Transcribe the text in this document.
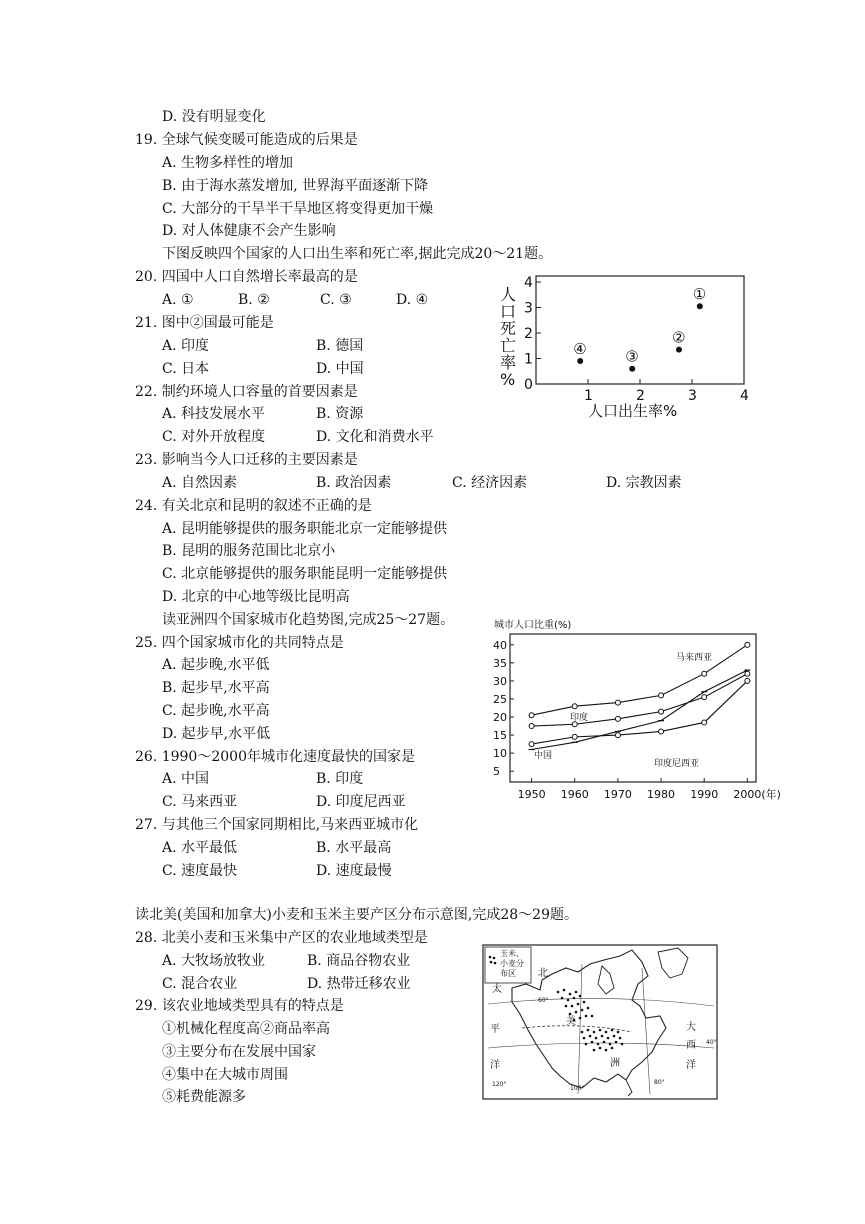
D. 没有明显变化
19. 全球气候变暖可能造成的后果是
A. 生物多样性的增加
B. 由于海水蒸发增加, 世界海平面逐渐下降
C. 大部分的干旱半干旱地区将变得更加干燥
D. 对人体健康不会产生影响
下图反映四个国家的人口出生率和死亡率,据此完成20～21题。
20. 四国中人口自然增长率最高的是
A. ①	B. ②	C. ③	D. ④
21. 图中②国最可能是
A. 印度	B. 德国
C. 日本	D. 中国
22. 制约环境人口容量的首要因素是
A. 科技发展水平	B. 资源
C. 对外开放程度	D. 文化和消费水平
23. 影响当今人口迁移的主要因素是
A. 自然因素	B. 政治因素	C. 经济因素	D. 宗教因素
24. 有关北京和昆明的叙述不正确的是
A. 昆明能够提供的服务职能北京一定能够提供
B. 昆明的服务范围比北京小
C. 北京能够提供的服务职能昆明一定能够提供
D. 北京的中心地等级比昆明高
读亚洲四个国家城市化趋势图,完成25～27题。
25. 四个国家城市化的共同特点是
A. 起步晚,水平低
B. 起步早,水平高
C. 起步晚,水平高
D. 起步早,水平低
26. 1990～2000年城市化速度最快的国家是
A. 中国	B. 印度
C. 马来西亚	D. 印度尼西亚
27. 与其他三个国家同期相比,马来西亚城市化
A. 水平最低	B. 水平最高
C. 速度最快	D. 速度最慢
读北美(美国和加拿大)小麦和玉米主要产区分布示意图,完成28～29题。
28. 北美小麦和玉米集中产区的农业地域类型是
A. 大牧场放牧业	B. 商品谷物农业
C. 混合农业	D. 热带迁移农业
29. 该农业地域类型具有的特点是
①机械化程度高②商品率高
③主要分布在发展中国家
④集中在大城市周围
⑤耗费能源多
人口死亡率% 0
1
2
3
4
1	2	3	4
①
②
③
④
人口出生率%
城市人口比重(%)
5
10
15
20
25
30
35
40
1950 1960 1970 1980 1990 2000(年)
马来西亚
印度
印度尼西亚
中国
玉米、
小麦分
布区 北
美
洲
太
平
洋
大
西
洋
60°
40°
100°
80°
120°
